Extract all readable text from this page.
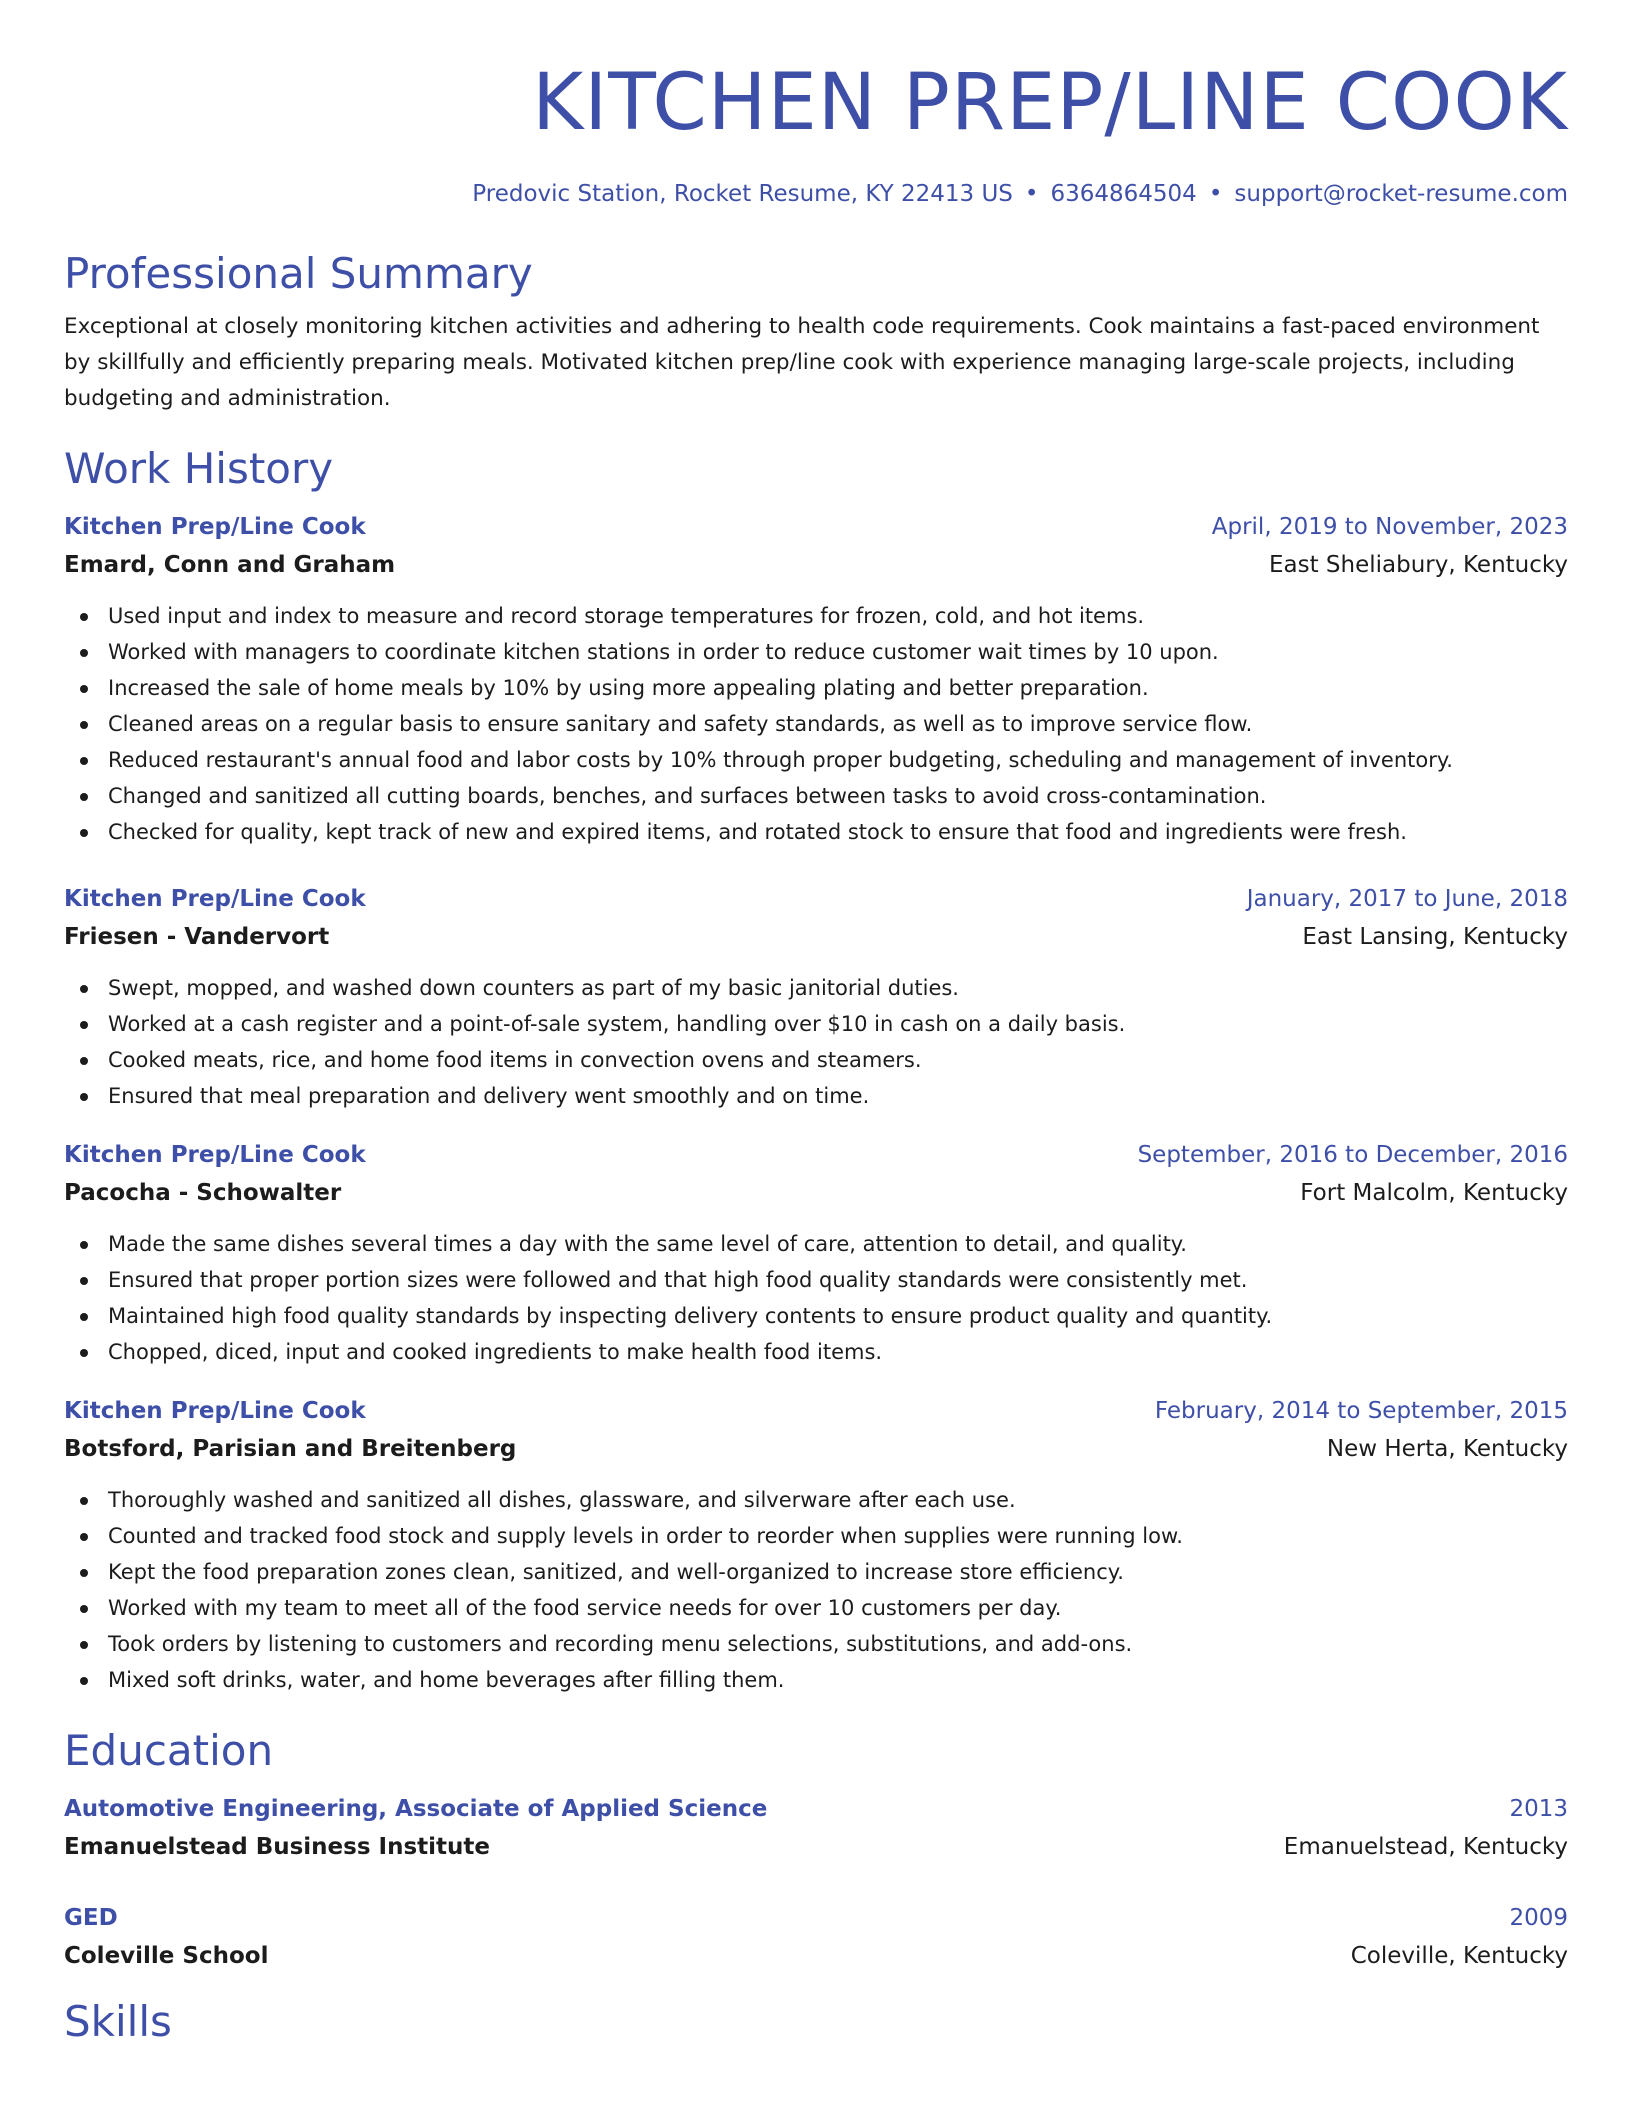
KITCHEN PREP/LINE COOK
Predovic Station, Rocket Resume, KY 22413 US • 6364864504 • support@rocket-resume.com
Professional Summary

Exceptional at closely monitoring kitchen activities and adhering to health code requirements. Cook maintains a fast-paced environment by skillfully and efficiently preparing meals. Motivated kitchen prep/line cook with experience managing large-scale projects, including budgeting and administration.

Work History
Kitchen Prep/Line Cook	April, 2019 to November, 2023
Emard, Conn and Graham	East Sheliabury, Kentucky
Used input and index to measure and record storage temperatures for frozen, cold, and hot items.
Worked with managers to coordinate kitchen stations in order to reduce customer wait times by 10 upon.
Increased the sale of home meals by 10% by using more appealing plating and better preparation.
Cleaned areas on a regular basis to ensure sanitary and safety standards, as well as to improve service flow.
Reduced restaurant's annual food and labor costs by 10% through proper budgeting, scheduling and management of inventory.
Changed and sanitized all cutting boards, benches, and surfaces between tasks to avoid cross-contamination.
Checked for quality, kept track of new and expired items, and rotated stock to ensure that food and ingredients were fresh.
Kitchen Prep/Line Cook	January, 2017 to June, 2018
Friesen - Vandervort	East Lansing, Kentucky
Swept, mopped, and washed down counters as part of my basic janitorial duties.
Worked at a cash register and a point-of-sale system, handling over $10 in cash on a daily basis.
Cooked meats, rice, and home food items in convection ovens and steamers.
Ensured that meal preparation and delivery went smoothly and on time.
Kitchen Prep/Line Cook	September, 2016 to December, 2016
Pacocha - Schowalter	Fort Malcolm, Kentucky
Made the same dishes several times a day with the same level of care, attention to detail, and quality.
Ensured that proper portion sizes were followed and that high food quality standards were consistently met.
Maintained high food quality standards by inspecting delivery contents to ensure product quality and quantity.
Chopped, diced, input and cooked ingredients to make health food items.
Kitchen Prep/Line Cook	February, 2014 to September, 2015
Botsford, Parisian and Breitenberg	New Herta, Kentucky
Thoroughly washed and sanitized all dishes, glassware, and silverware after each use.
Counted and tracked food stock and supply levels in order to reorder when supplies were running low.
Kept the food preparation zones clean, sanitized, and well-organized to increase store efficiency.
Worked with my team to meet all of the food service needs for over 10 customers per day.
Took orders by listening to customers and recording menu selections, substitutions, and add-ons.
Mixed soft drinks, water, and home beverages after filling them.
Education
Automotive Engineering, Associate of Applied Science	2013
Emanuelstead Business Institute	Emanuelstead, Kentucky
GED	2009
Coleville School	Coleville, Kentucky
Skills
